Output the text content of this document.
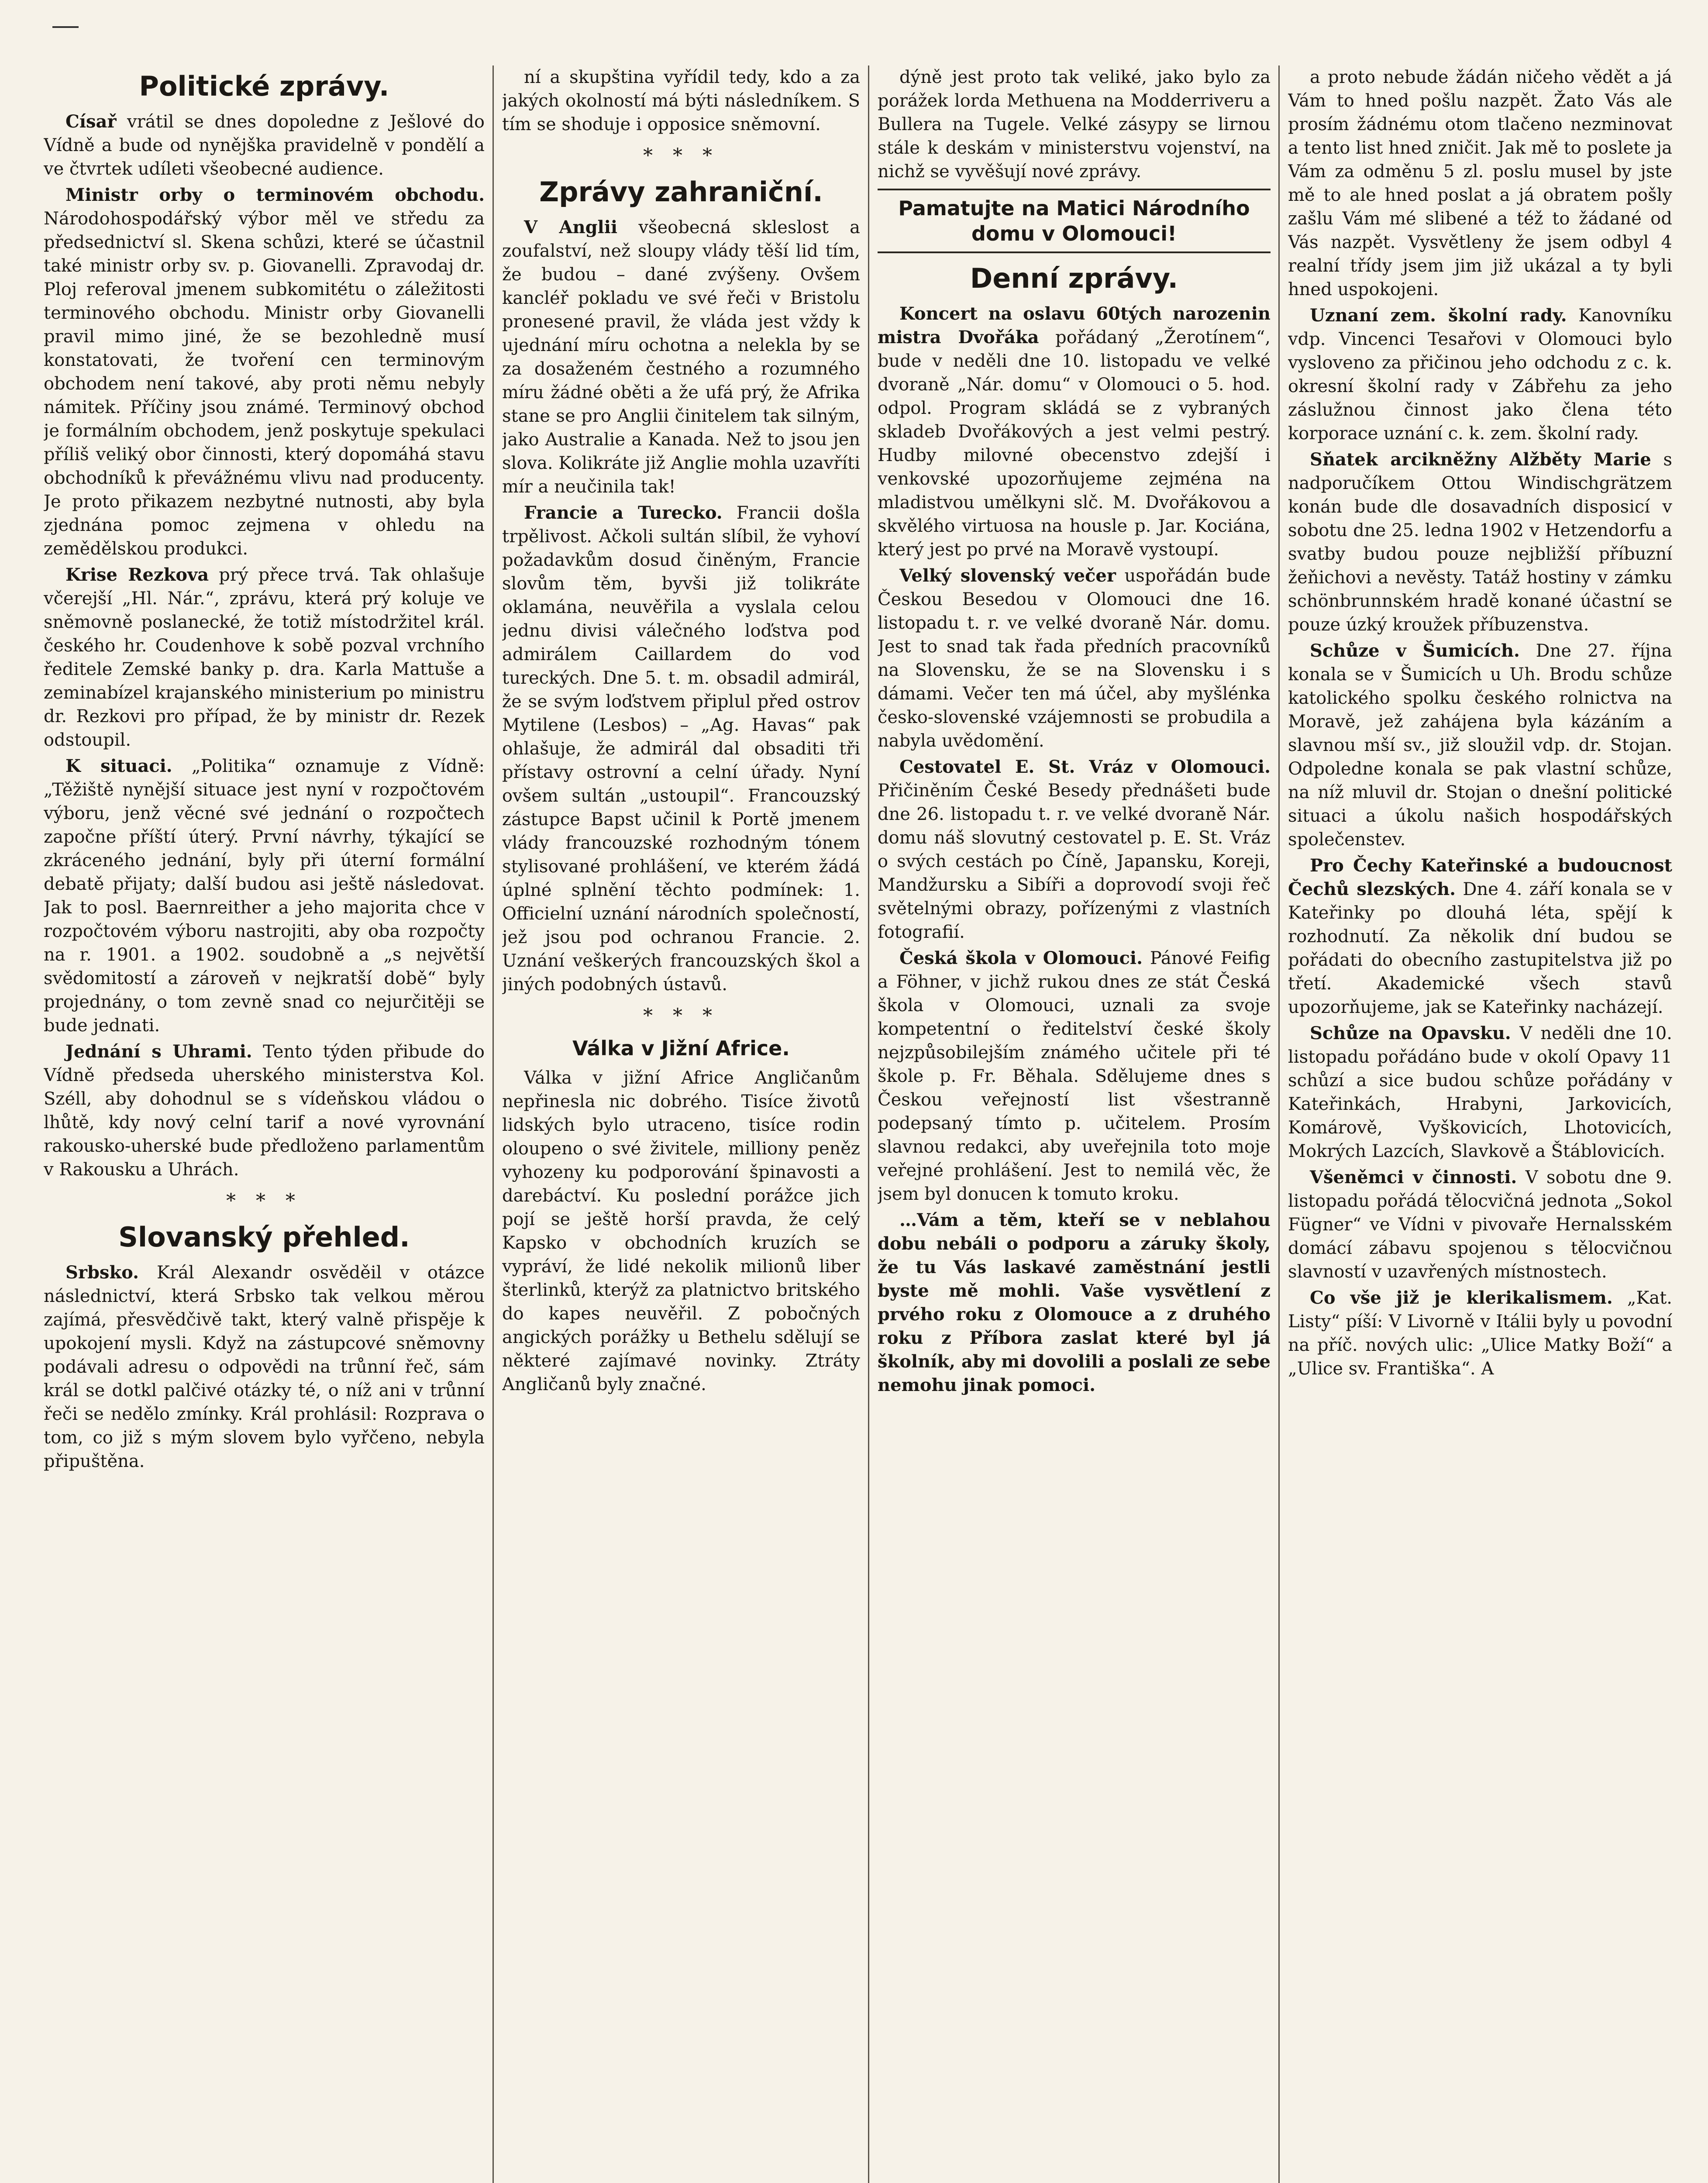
Politické zprávy.

Císař vrátil se dnes dopoledne z Ješlové do Vídně a bude od nynějška pravidelně v pondělí a ve čtvrtek udíleti všeobecné audience.

Ministr orby o terminovém obchodu. Národohospodářský výbor měl ve středu za předsednictví sl. Skena schůzi, které se účastnil také ministr orby sv. p. Giovanelli. Zpravodaj dr. Ploj referoval jmenem subkomitétu o záležitosti terminového obchodu. Ministr orby Giovanelli pravil mimo jiné, že se bezohledně musí konstatovati, že tvoření cen terminovým obchodem není takové, aby proti němu nebyly námitek. Příčiny jsou známé. Terminový obchod je formálním obchodem, jenž poskytuje spekulaci příliš veliký obor činnosti, který dopomáhá stavu obchodníků k převážnému vlivu nad producenty. Je proto přikazem nezbytné nutnosti, aby byla zjednána pomoc zejmena v ohledu na zemědělskou produkci.

Krise Rezkova prý přece trvá. Tak ohlašuje včerejší „Hl. Nár.“, zprávu, která prý koluje ve sněmovně poslanecké, že totiž místodržitel král. českého hr. Coudenhove k sobě pozval vrchního ředitele Zemské banky p. dra. Karla Mattuše a zeminabízel krajanského ministerium po ministru dr. Rezkovi pro případ, že by ministr dr. Rezek odstoupil.

K situaci. „Politika“ oznamuje z Vídně: „Těžiště nynější situace jest nyní v rozpočtovém výboru, jenž věcné své jednání o rozpočtech započne příští úterý. První návrhy, týkající se zkráceného jednání, byly při úterní formální debatě přijaty; další budou asi ještě následovat. Jak to posl. Baernreither a jeho majorita chce v rozpočtovém výboru nastrojiti, aby oba rozpočty na r. 1901. a 1902. soudobně a „s největší svědomitostí a zároveň v nejkratší době“ byly projednány, o tom zevně snad co nejurčitěji se bude jednati.

Jednání s Uhrami. Tento týden přibude do Vídně předseda uherského ministerstva Kol. Széll, aby dohodnul se s vídeňskou vládou o lhůtě, kdy nový celní tarif a nové vyrovnání rakousko-uherské bude předloženo parlamentům v Rakousku a Uhrách.

* * *
Slovanský přehled.

Srbsko. Král Alexandr osvěděil v otázce následnictví, která Srbsko tak velkou měrou zajímá, přesvědčivě takt, který valně přispěje k upokojení mysli. Když na zástupcové sněmovny podávali adresu o odpovědi na trůnní řeč, sám král se dotkl palčivé otázky té, o níž ani v trůnní řeči se nedělo zmínky. Král prohlásil: Rozprava o tom, co již s mým slovem bylo vyřčeno, nebyla připuštěna.

ní a skupština vyřídil tedy, kdo a za jakých okolností má býti následníkem. S tím se shoduje i opposice sněmovní.

* * *
Zprávy zahraniční.

V Anglii všeobecná skleslost a zoufalství, než sloupy vlády těší lid tím, že budou – dané zvýšeny. Ovšem kancléř pokladu ve své řeči v Bristolu pronesené pravil, že vláda jest vždy k ujednání míru ochotna a nelekla by se za dosaženém čestného a rozumného míru žádné oběti a že ufá prý, že Afrika stane se pro Anglii činitelem tak silným, jako Australie a Kanada. Než to jsou jen slova. Kolikráte již Anglie mohla uzavříti mír a neučinila tak!

Francie a Turecko. Francii došla trpělivost. Ačkoli sultán slíbil, že vyhoví požadavkům dosud činěným, Francie slovům těm, byvši již tolikráte oklamána, neuvěřila a vyslala celou jednu divisi válečného loďstva pod admirálem Caillardem do vod tureckých. Dne 5. t. m. obsadil admirál, že se svým loďstvem připlul před ostrov Mytilene (Lesbos) – „Ag. Havas“ pak ohlašuje, že admirál dal obsaditi tři přístavy ostrovní a celní úřady. Nyní ovšem sultán „ustoupil“. Francouzský zástupce Bapst učinil k Portě jmenem vlády francouzské rozhodným tónem stylisované prohlášení, ve kterém žádá úplné splnění těchto podmínek: 1. Officielní uznání národních společností, jež jsou pod ochranou Francie. 2. Uznání veškerých francouzských škol a jiných podobných ústavů.

* * *
Válka v Jižní Africe.

Válka v jižní Africe Angličanům nepřinesla nic dobrého. Tisíce životů lidských bylo utraceno, tisíce rodin oloupeno o své živitele, milliony peněz vyhozeny ku podporování špinavosti a darebáctví. Ku poslední porážce jich pojí se ještě horší pravda, že celý Kapsko v obchodních kruzích se vypráví, že lidé nekolik milionů liber šterlinků, kterýž za platnictvo britského do kapes neuvěřil. Z pobočných angických porážky u Bethelu sdělují se některé zajímavé novinky. Ztráty Angličanů byly značné.

dýně jest proto tak veliké, jako bylo za porážek lorda Methuena na Modderriveru a Bullera na Tugele. Velké zásypy se lirnou stále k deskám v ministerstvu vojenství, na nichž se vyvěšují nové zprávy.

Pamatujte na Matici Národního domu v Olomouci!
Denní zprávy.

Koncert na oslavu 60tých narozenin mistra Dvořáka pořádaný „Žerotínem“, bude v neděli dne 10. listopadu ve velké dvoraně „Nár. domu“ v Olomouci o 5. hod. odpol. Program skládá se z vybraných skladeb Dvořákových a jest velmi pestrý. Hudby milovné obecenstvo zdejší i venkovské upozorňujeme zejména na mladistvou umělkyni slč. M. Dvořákovou a skvělého virtuosa na housle p. Jar. Kociána, který jest po prvé na Moravě vystoupí.

Velký slovenský večer uspořádán bude Českou Besedou v Olomouci dne 16. listopadu t. r. ve velké dvoraně Nár. domu. Jest to snad tak řada předních pracovníků na Slovensku, že se na Slovensku i s dámami. Večer ten má účel, aby myšlénka česko-slovenské vzájemnosti se probudila a nabyla uvědomění.

Cestovatel E. St. Vráz v Olomouci. Přičiněním České Besedy přednášeti bude dne 26. listopadu t. r. ve velké dvoraně Nár. domu náš slovutný cestovatel p. E. St. Vráz o svých cestách po Číně, Japansku, Koreji, Mandžursku a Sibíři a doprovodí svoji řeč světelnými obrazy, pořízenými z vlastních fotografií.

Česká škola v Olomouci. Pánové Feifig a Föhner, v jichž rukou dnes ze stát Česká škola v Olomouci, uznali za svoje kompetentní o ředitelství české školy nejzpůsobilejším známého učitele při té škole p. Fr. Běhala. Sdělujeme dnes s Českou veřejností list všestranně podepsaný tímto p. učitelem. Prosím slavnou redakci, aby uveřejnila toto moje veřejné prohlášení. Jest to nemilá věc, že jsem byl donucen k tomuto kroku.

…Vám a těm, kteří se v neblahou dobu nebáli o podporu a záruky školy, že tu Vás laskavé zaměstnání jestli byste mě mohli. Vaše vysvětlení z prvého roku z Olomouce a z druhého roku z Příbora zaslat které byl já školník, aby mi dovolili a poslali ze sebe nemohu jinak pomoci.

a proto nebude žádán ničeho vědět a já Vám to hned pošlu nazpět. Žato Vás ale prosím žádnému otom tlačeno nezminovat a tento list hned zničit. Jak mě to poslete ja Vám za odměnu 5 zl. poslu musel by jste mě to ale hned poslat a já obratem pošly zašlu Vám mé slibené a též to žádané od Vás nazpět. Vysvětleny že jsem odbyl 4 realní třídy jsem jim již ukázal a ty byli hned uspokojeni.

Uznaní zem. školní rady. Kanovníku vdp. Vincenci Tesařovi v Olomouci bylo vysloveno za přičinou jeho odchodu z c. k. okresní školní rady v Zábřehu za jeho záslužnou činnost jako člena této korporace uznání c. k. zem. školní rady.

Sňatek arcikněžny Alžběty Marie s nadporučíkem Ottou Windischgrätzem konán bude dle dosavadních disposicí v sobotu dne 25. ledna 1902 v Hetzendorfu a svatby budou pouze nejbližší příbuzní žeňichovi a nevěsty. Tatáž hostiny v zámku schönbrunnském hradě konané účastní se pouze úzký kroužek příbuzenstva.

Schůze v Šumicích. Dne 27. října konala se v Šumicích u Uh. Brodu schůze katolického spolku českého rolnictva na Moravě, jež zahájena byla kázáním a slavnou mší sv., již sloužil vdp. dr. Stojan. Odpoledne konala se pak vlastní schůze, na níž mluvil dr. Stojan o dnešní politické situaci a úkolu našich hospodářských společenstev.

Pro Čechy Kateřinské a budoucnost Čechů slezských. Dne 4. září konala se v Kateřinky po dlouhá léta, spějí k rozhodnutí. Za několik dní budou se pořádati do obecního zastupitelstva již po třetí. Akademické všech stavů upozorňujeme, jak se Kateřinky nacházejí.

Schůze na Opavsku. V neděli dne 10. listopadu pořádáno bude v okolí Opavy 11 schůzí a sice budou schůze pořádány v Kateřinkách, Hrabyni, Jarkovicích, Komárově, Vyškovicích, Lhotovicích, Mokrých Lazcích, Slavkově a Štáblovicích.

Všeněmci v činnosti. V sobotu dne 9. listopadu pořádá tělocvičná jednota „Sokol Fügner“ ve Vídni v pivovaře Hernalsském domácí zábavu spojenou s tělocvičnou slavností v uzavřených místnostech.

Co vše již je klerikalismem. „Kat. Listy“ píší: V Livorně v Itálii byly u povodní na příč. nových ulic: „Ulice Matky Boží“ a „Ulice sv. Františka“. A
